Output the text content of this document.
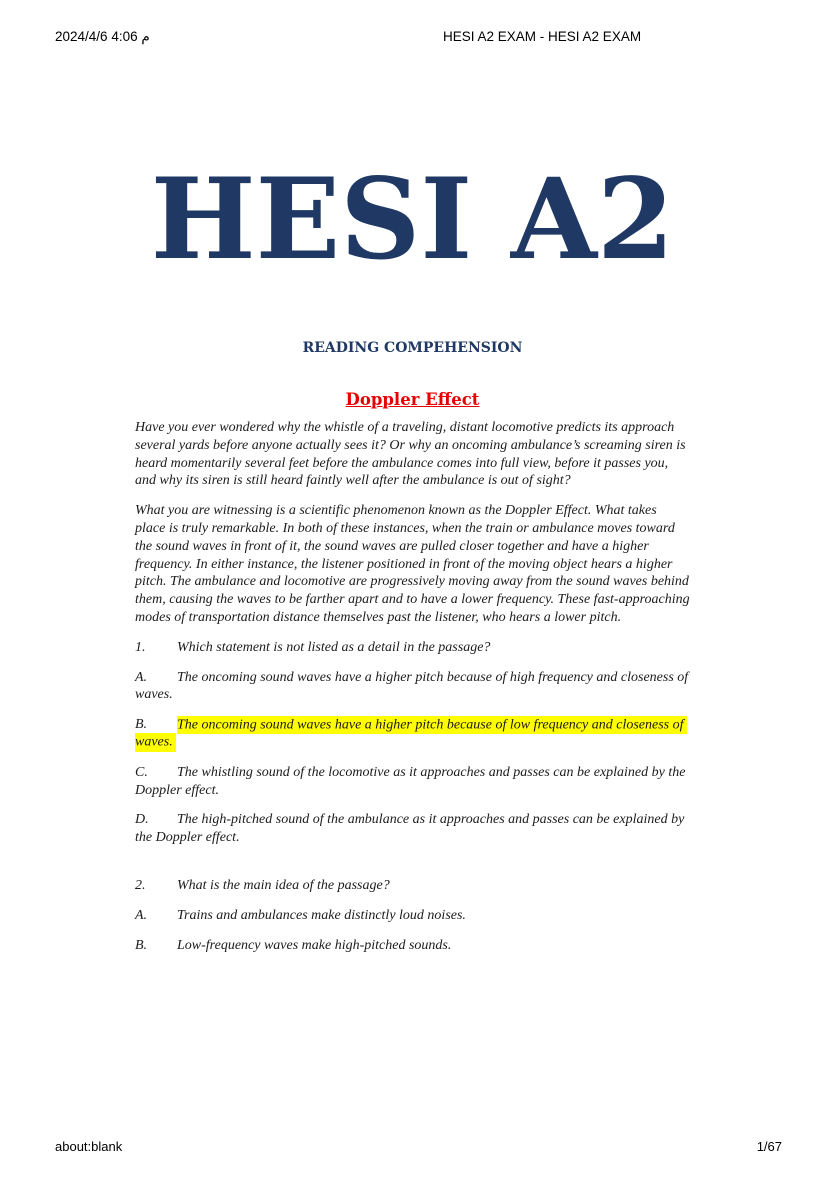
م 4:06 2024/4/6	HESI A2 EXAM - HESI A2 EXAM
HESI A2
READING COMPEHENSION
Doppler Effect

Have you ever wondered why the whistle of a traveling, distant locomotive predicts its approach several yards before anyone actually sees it? Or why an oncoming ambulance’s screaming siren is heard momentarily several feet before the ambulance comes into full view, before it passes you, and why its siren is still heard faintly well after the ambulance is out of sight?

What you are witnessing is a scientific phenomenon known as the Doppler Effect. What takes place is truly remarkable. In both of these instances, when the train or ambulance moves toward the sound waves in front of it, the sound waves are pulled closer together and have a higher frequency. In either instance, the listener positioned in front of the moving object hears a higher pitch. The ambulance and locomotive are progressively moving away from the sound waves behind them, causing the waves to be farther apart and to have a lower frequency. These fast-approaching modes of transportation distance themselves past the listener, who hears a lower pitch.

1. Which statement is not listed as a detail in the passage?
A. The oncoming sound waves have a higher pitch because of high frequency and closeness of waves.
B. The oncoming sound waves have a higher pitch because of low frequency and closeness of waves.
C. The whistling sound of the locomotive as it approaches and passes can be explained by the Doppler effect.
D. The high-pitched sound of the ambulance as it approaches and passes can be explained by the Doppler effect.
2. What is the main idea of the passage?
A. Trains and ambulances make distinctly loud noises.
B. Low-frequency waves make high-pitched sounds.
about:blank	1/67
